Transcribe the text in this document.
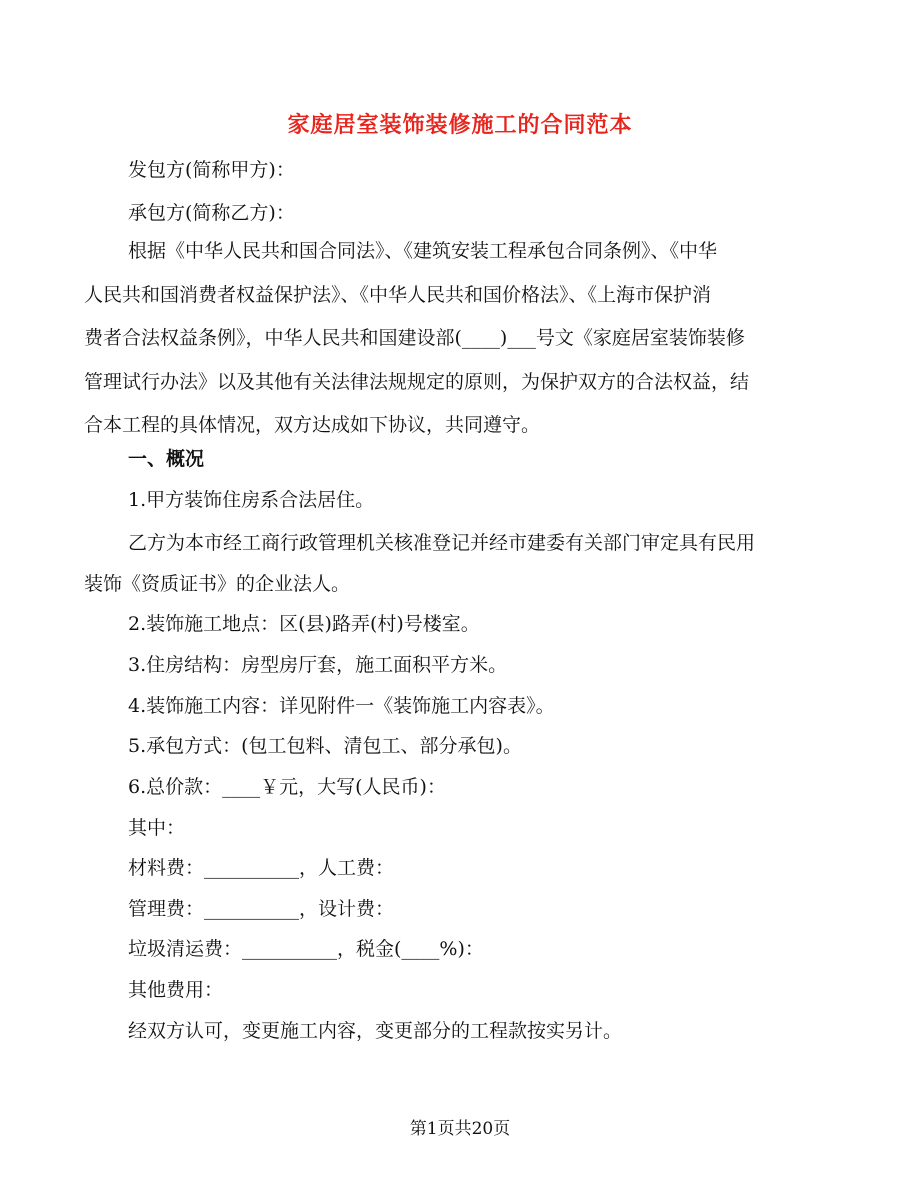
家庭居室装饰装修施工的合同范本
发包方(简称甲方)：
承包方(简称乙方)：
根据《中华人民共和国合同法》、《建筑安装工程承包合同条例》、《中华
人民共和国消费者权益保护法》、《中华人民共和国价格法》、《上海市保护消
费者合法权益条例》，中华人民共和国建设部(____)___号文《家庭居室装饰装修
管理试行办法》以及其他有关法律法规规定的原则，为保护双方的合法权益，结
合本工程的具体情况，双方达成如下协议，共同遵守。
一、概况
1.甲方装饰住房系合法居住。
乙方为本市经工商行政管理机关核准登记并经市建委有关部门审定具有民用
装饰《资质证书》的企业法人。
2.装饰施工地点：区(县)路弄(村)号楼室。
3.住房结构：房型房厅套，施工面积平方米。
4.装饰施工内容：详见附件一《装饰施工内容表》。
5.承包方式：(包工包料、清包工、部分承包)。
6.总价款：____￥元，大写(人民币)：
其中：
材料费：__________，人工费：
管理费：__________，设计费：
垃圾清运费：__________，税金(____%)：
其他费用：
经双方认可，变更施工内容，变更部分的工程款按实另计。
第1页共20页
